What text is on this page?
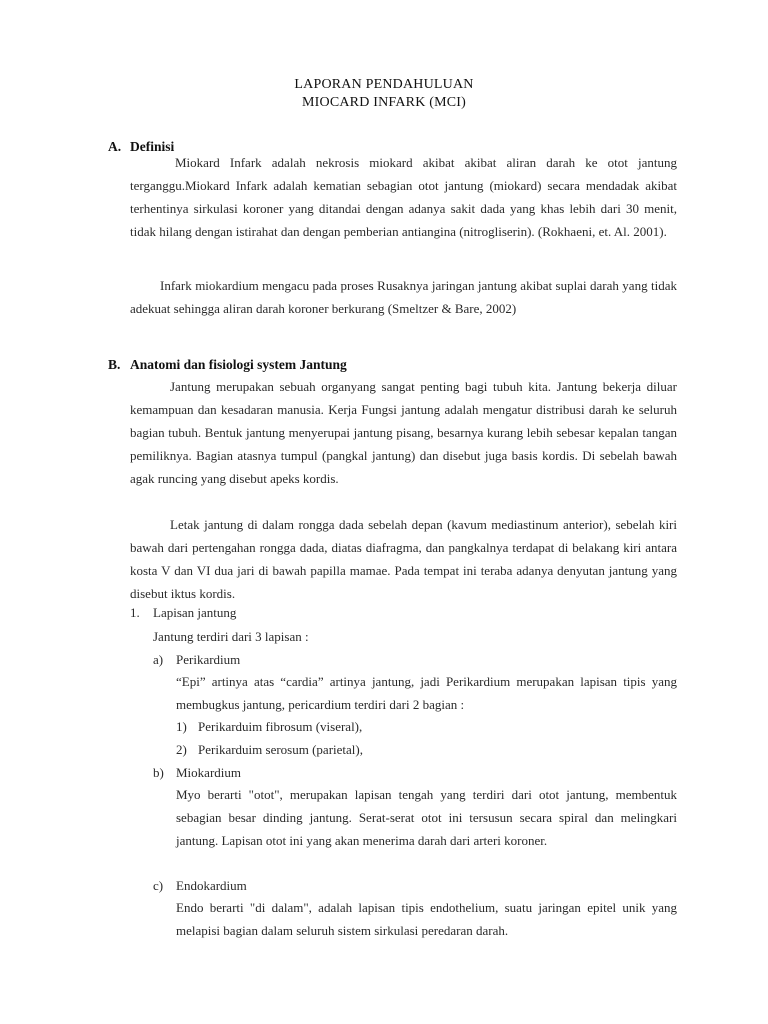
LAPORAN PENDAHULUAN
MIOCARD INFARK (MCI)
A. Definisi

Miokard Infark adalah nekrosis miokard akibat akibat aliran darah ke otot jantung terganggu.Miokard Infark adalah kematian sebagian otot jantung (miokard) secara mendadak akibat terhentinya sirkulasi koroner yang ditandai dengan adanya sakit dada yang khas lebih dari 30 menit, tidak hilang dengan istirahat dan dengan pemberian antiangina (nitrogliserin). (Rokhaeni, et. Al. 2001).

Infark miokardium mengacu pada proses Rusaknya jaringan jantung akibat suplai darah yang tidak adekuat sehingga aliran darah koroner berkurang (Smeltzer & Bare, 2002)

B. Anatomi dan fisiologi system Jantung

Jantung merupakan sebuah organyang sangat penting bagi tubuh kita. Jantung bekerja diluar kemampuan dan kesadaran manusia. Kerja Fungsi jantung adalah mengatur distribusi darah ke seluruh bagian tubuh. Bentuk jantung menyerupai jantung pisang, besarnya kurang lebih sebesar kepalan tangan pemiliknya. Bagian atasnya tumpul (pangkal jantung) dan disebut juga basis kordis. Di sebelah bawah agak runcing yang disebut apeks kordis.

Letak jantung di dalam rongga dada sebelah depan (kavum mediastinum anterior), sebelah kiri bawah dari pertengahan rongga dada, diatas diafragma, dan pangkalnya terdapat di belakang kiri antara kosta V dan VI dua jari di bawah papilla mamae. Pada tempat ini teraba adanya denyutan jantung yang disebut iktus kordis.

1. Lapisan jantung
Jantung terdiri dari 3 lapisan :
a) Perikardium

“Epi” artinya atas “cardia” artinya jantung, jadi Perikardium merupakan lapisan tipis yang membugkus jantung, pericardium terdiri dari 2 bagian :

1) Perikarduim fibrosum (viseral),
2) Perikarduim serosum (parietal),
b) Miokardium

Myo berarti "otot", merupakan lapisan tengah yang terdiri dari otot jantung, membentuk sebagian besar dinding jantung. Serat-serat otot ini tersusun secara spiral dan melingkari jantung. Lapisan otot ini yang akan menerima darah dari arteri koroner.

c) Endokardium

Endo berarti "di dalam", adalah lapisan tipis endothelium, suatu jaringan epitel unik yang melapisi bagian dalam seluruh sistem sirkulasi peredaran darah.
